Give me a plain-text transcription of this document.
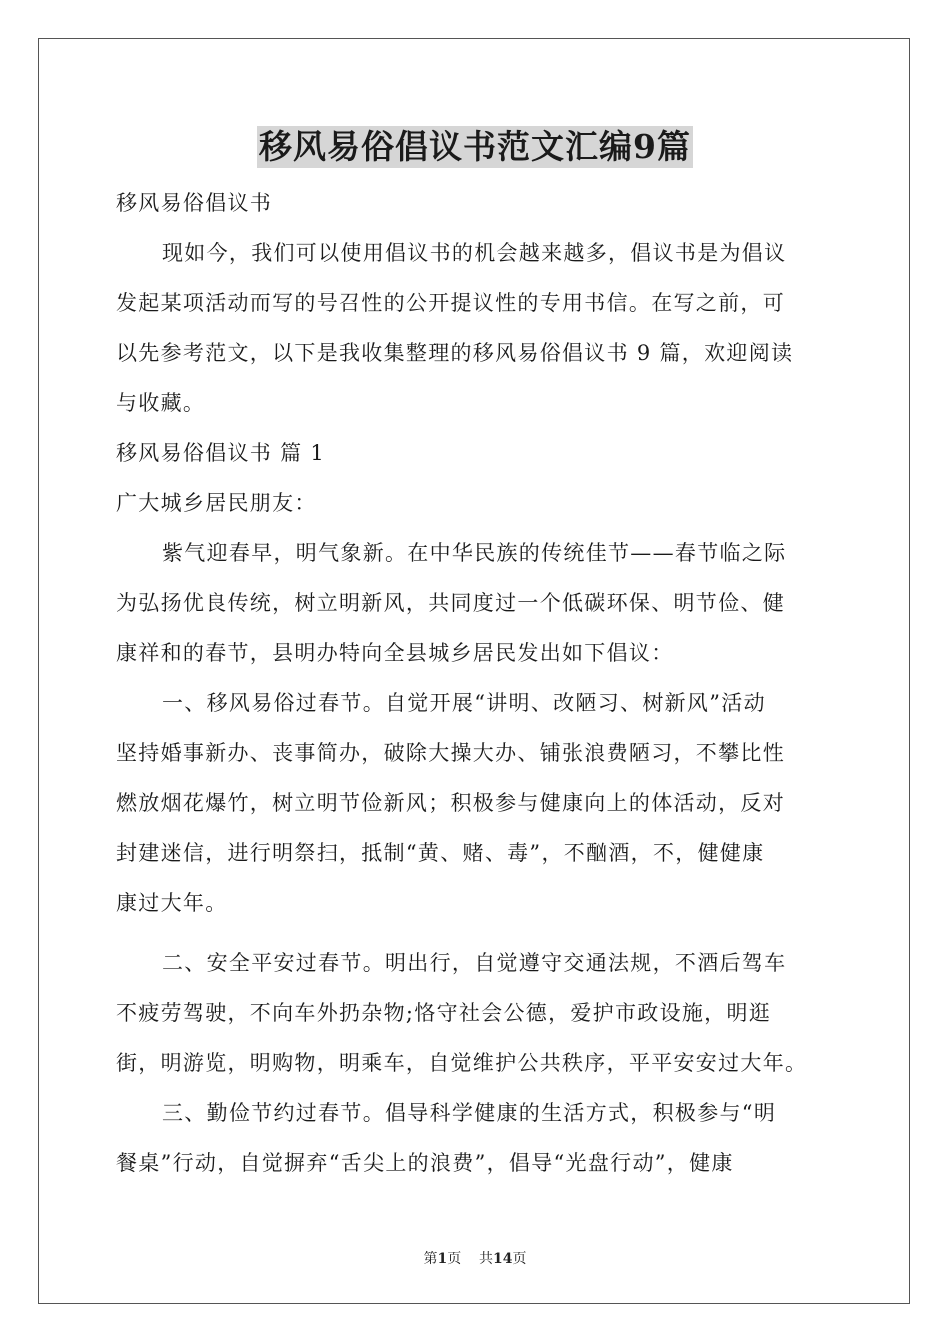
移风易俗倡议书范文汇编9篇
移风易俗倡议书
现如今，我们可以使用倡议书的机会越来越多，倡议书是为倡议
发起某项活动而写的号召性的公开提议性的专用书信。在写之前，可
以先参考范文，以下是我收集整理的移风易俗倡议书 9 篇，欢迎阅读
与收藏。
移风易俗倡议书 篇 1
广大城乡居民朋友：
紫气迎春早，明气象新。在中华民族的传统佳节——春节临之际
为弘扬优良传统，树立明新风，共同度过一个低碳环保、明节俭、健
康祥和的春节，县明办特向全县城乡居民发出如下倡议：
一、移风易俗过春节。自觉开展“讲明、改陋习、树新风”活动
坚持婚事新办、丧事简办，破除大操大办、铺张浪费陋习，不攀比性
燃放烟花爆竹，树立明节俭新风；积极参与健康向上的体活动，反对
封建迷信，进行明祭扫，抵制“黄、赌、毒”，不酗酒，不，健健康
康过大年。
二、安全平安过春节。明出行，自觉遵守交通法规，不酒后驾车
不疲劳驾驶，不向车外扔杂物;恪守社会公德，爱护市政设施，明逛
街，明游览，明购物，明乘车，自觉维护公共秩序，平平安安过大年。
三、勤俭节约过春节。倡导科学健康的生活方式，积极参与“明
餐桌”行动，自觉摒弃“舌尖上的浪费”，倡导“光盘行动”，健康
第1页    共14页
